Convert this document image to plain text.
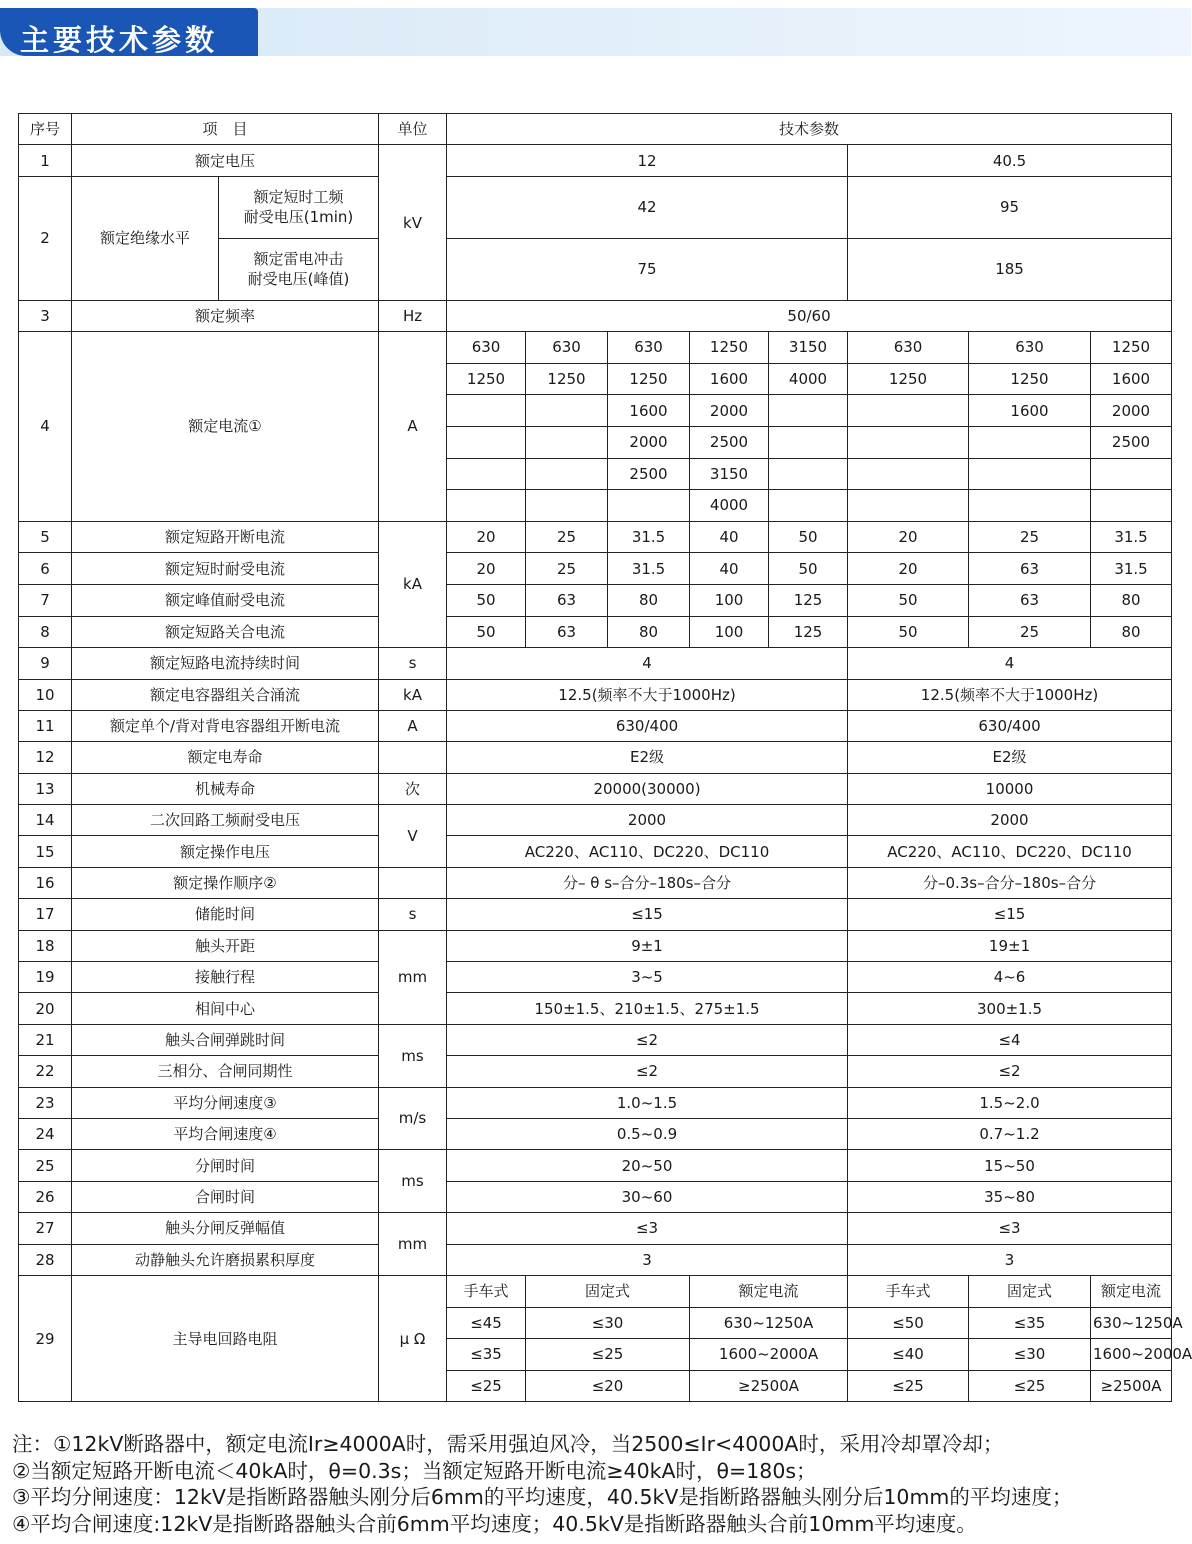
主要技术参数
序号	项　目		单位	技术参数							
1	额定电压		kV	12					40.5		
2	额定绝缘水平	额定短时工频
耐受电压(1min)		42					95		
		额定雷电冲击
耐受电压(峰值)		75					185		
3	额定频率		Hz	50/60							
4	额定电流①		A	630	630	630	1250	3150	630	630	1250
				1250	1250	1250	1600	4000	1250	1250	1600
						1600	2000			1600	2000
						2000	2500				2500
						2500	3150				
							4000				
5	额定短路开断电流		kA	20	25	31.5	40	50	20	25	31.5
6	额定短时耐受电流			20	25	31.5	40	50	20	63	31.5
7	额定峰值耐受电流			50	63	80	100	125	50	63	80
8	额定短路关合电流			50	63	80	100	125	50	25	80
9	额定短路电流持续时间		s	4					4		
10	额定电容器组关合涌流		kA	12.5(频率不大于1000Hz)					12.5(频率不大于1000Hz)		
11	额定单个/背对背电容器组开断电流		A	630/400					630/400		
12	额定电寿命			E2级					E2级		
13	机械寿命		次	20000(30000)					10000		
14	二次回路工频耐受电压		V	2000					2000		
15	额定操作电压			AC220、AC110、DC220、DC110					AC220、AC110、DC220、DC110		
16	额定操作顺序②			分– θ s–合分–180s–合分					分–0.3s–合分–180s–合分		
17	储能时间		s	≤15					≤15		
18	触头开距		mm	9±1					19±1		
19	接触行程			3~5					4~6		
20	相间中心			150±1.5、210±1.5、275±1.5					300±1.5		
21	触头合闸弹跳时间		ms	≤2					≤4		
22	三相分、合闸同期性			≤2					≤2		
23	平均分闸速度③		m/s	1.0~1.5					1.5~2.0		
24	平均合闸速度④			0.5~0.9					0.7~1.2		
25	分闸时间		ms	20~50					15~50		
26	合闸时间			30~60					35~80		
27	触头分闸反弹幅值		mm	≤3					≤3		
28	动静触头允许磨损累积厚度			3					3		
29	主导电回路电阻		μ Ω	手车式	固定式		额定电流		手车式	固定式	额定电流
				≤45	≤30		630~1250A		≤50	≤35	630~1250A
				≤35	≤25		1600~2000A		≤40	≤30	1600~2000A
				≤25	≤20		≥2500A		≤25	≤25	≥2500A
注：①12kV断路器中，额定电流Ir≥4000A时，需采用强迫风冷，当2500≤Ir<4000A时，采用冷却罩冷却；
②当额定短路开断电流＜40kA时，θ=0.3s；当额定短路开断电流≥40kA时，θ=180s；
③平均分闸速度：12kV是指断路器触头刚分后6mm的平均速度，40.5kV是指断路器触头刚分后10mm的平均速度；
④平均合闸速度:12kV是指断路器触头合前6mm平均速度；40.5kV是指断路器触头合前10mm平均速度。
